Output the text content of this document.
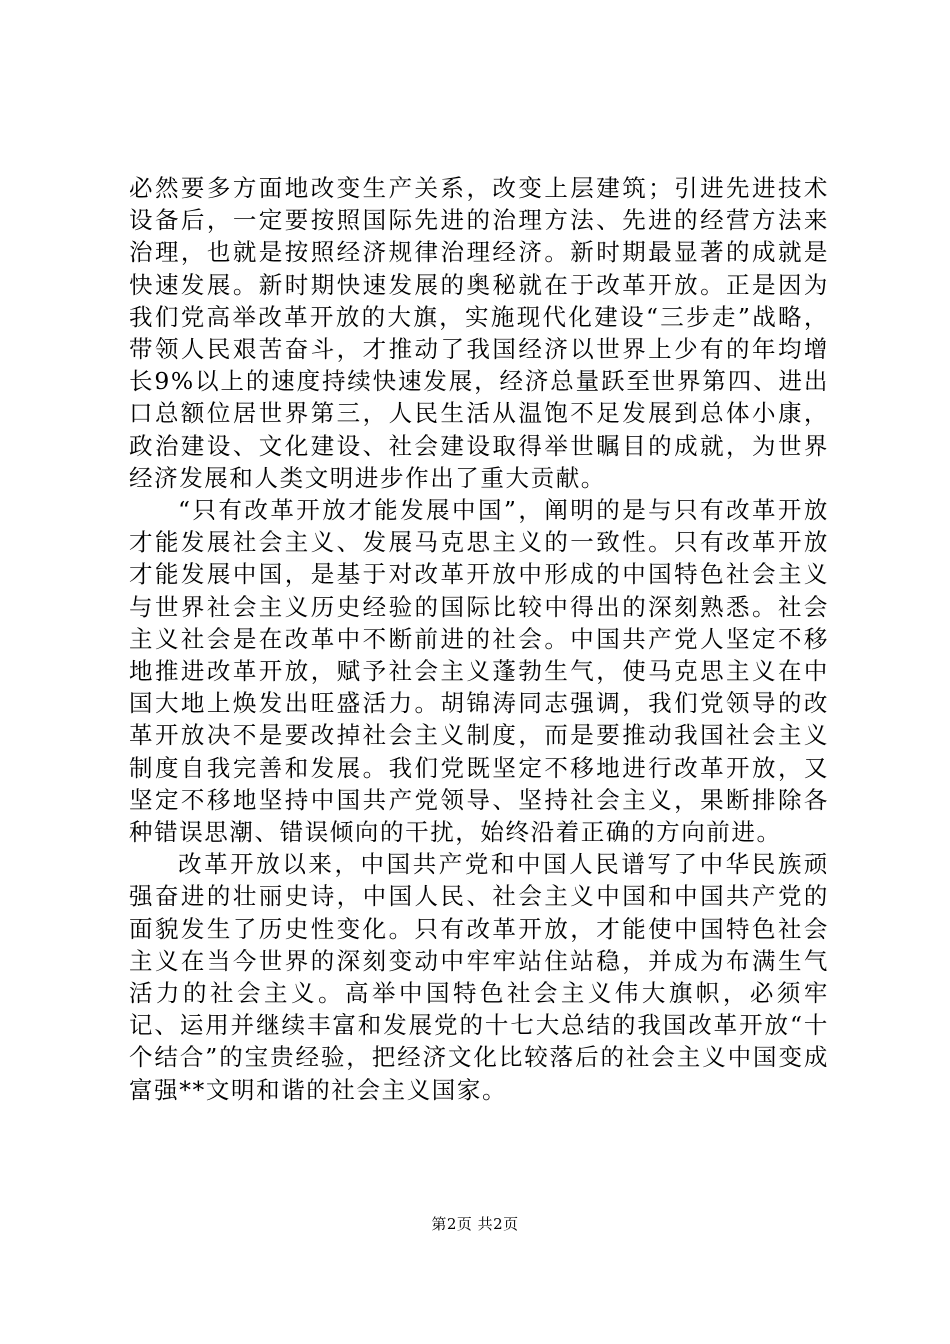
必然要多方面地改变生产关系，改变上层建筑；引进先进技术设备后，一定要按照国际先进的治理方法、先进的经营方法来治理，也就是按照经济规律治理经济。新时期最显著的成就是快速发展。新时期快速发展的奥秘就在于改革开放。正是因为我们党高举改革开放的大旗，实施现代化建设“三步走”战略，带领人民艰苦奋斗，才推动了我国经济以世界上少有的年均增长9%以上的速度持续快速发展，经济总量跃至世界第四、进出口总额位居世界第三，人民生活从温饱不足发展到总体小康，政治建设、文化建设、社会建设取得举世瞩目的成就，为世界经济发展和人类文明进步作出了重大贡献。

“只有改革开放才能发展中国”，阐明的是与只有改革开放才能发展社会主义、发展马克思主义的一致性。只有改革开放才能发展中国，是基于对改革开放中形成的中国特色社会主义与世界社会主义历史经验的国际比较中得出的深刻熟悉。社会主义社会是在改革中不断前进的社会。中国共产党人坚定不移地推进改革开放，赋予社会主义蓬勃生气，使马克思主义在中国大地上焕发出旺盛活力。胡锦涛同志强调，我们党领导的改革开放决不是要改掉社会主义制度，而是要推动我国社会主义制度自我完善和发展。我们党既坚定不移地进行改革开放，又坚定不移地坚持中国共产党领导、坚持社会主义，果断排除各种错误思潮、错误倾向的干扰，始终沿着正确的方向前进。

改革开放以来，中国共产党和中国人民谱写了中华民族顽强奋进的壮丽史诗，中国人民、社会主义中国和中国共产党的面貌发生了历史性变化。只有改革开放，才能使中国特色社会主义在当今世界的深刻变动中牢牢站住站稳，并成为布满生气活力的社会主义。高举中国特色社会主义伟大旗帜，必须牢记、运用并继续丰富和发展党的十七大总结的我国改革开放“十个结合”的宝贵经验，把经济文化比较落后的社会主义中国变成富强**文明和谐的社会主义国家。

第2页 共2页
